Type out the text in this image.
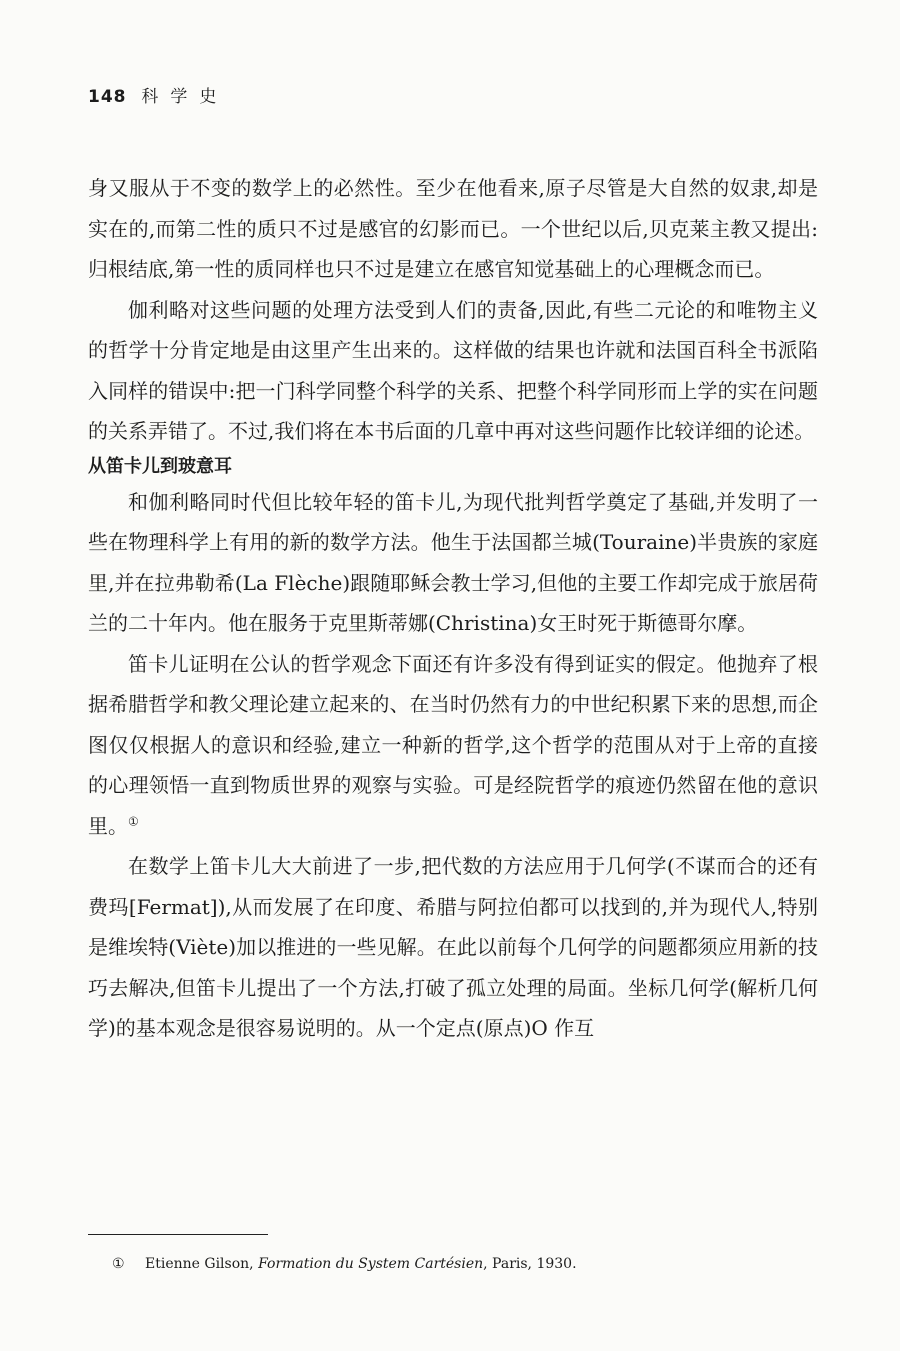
148 科学史

身又服从于不变的数学上的必然性。至少在他看来,原子尽管是大自然的奴隶,却是实在的,而第二性的质只不过是感官的幻影而已。一个世纪以后,贝克莱主教又提出:归根结底,第一性的质同样也只不过是建立在感官知觉基础上的心理概念而已。

伽利略对这些问题的处理方法受到人们的责备,因此,有些二元论的和唯物主义的哲学十分肯定地是由这里产生出来的。这样做的结果也许就和法国百科全书派陷入同样的错误中:把一门科学同整个科学的关系、把整个科学同形而上学的实在问题的关系弄错了。不过,我们将在本书后面的几章中再对这些问题作比较详细的论述。

从笛卡儿到玻意耳

和伽利略同时代但比较年轻的笛卡儿,为现代批判哲学奠定了基础,并发明了一些在物理科学上有用的新的数学方法。他生于法国都兰城(Touraine)半贵族的家庭里,并在拉弗勒希(La Flèche)跟随耶稣会教士学习,但他的主要工作却完成于旅居荷兰的二十年内。他在服务于克里斯蒂娜(Christina)女王时死于斯德哥尔摩。

笛卡儿证明在公认的哲学观念下面还有许多没有得到证实的假定。他抛弃了根据希腊哲学和教父理论建立起来的、在当时仍然有力的中世纪积累下来的思想,而企图仅仅根据人的意识和经验,建立一种新的哲学,这个哲学的范围从对于上帝的直接的心理领悟一直到物质世界的观察与实验。可是经院哲学的痕迹仍然留在他的意识里。①

在数学上笛卡儿大大前进了一步,把代数的方法应用于几何学(不谋而合的还有费玛[Fermat]),从而发展了在印度、希腊与阿拉伯都可以找到的,并为现代人,特别是维埃特(Viète)加以推进的一些见解。在此以前每个几何学的问题都须应用新的技巧去解决,但笛卡儿提出了一个方法,打破了孤立处理的局面。坐标几何学(解析几何学)的基本观念是很容易说明的。从一个定点(原点)O 作互

① Etienne Gilson, Formation du System Cartésien, Paris, 1930.
